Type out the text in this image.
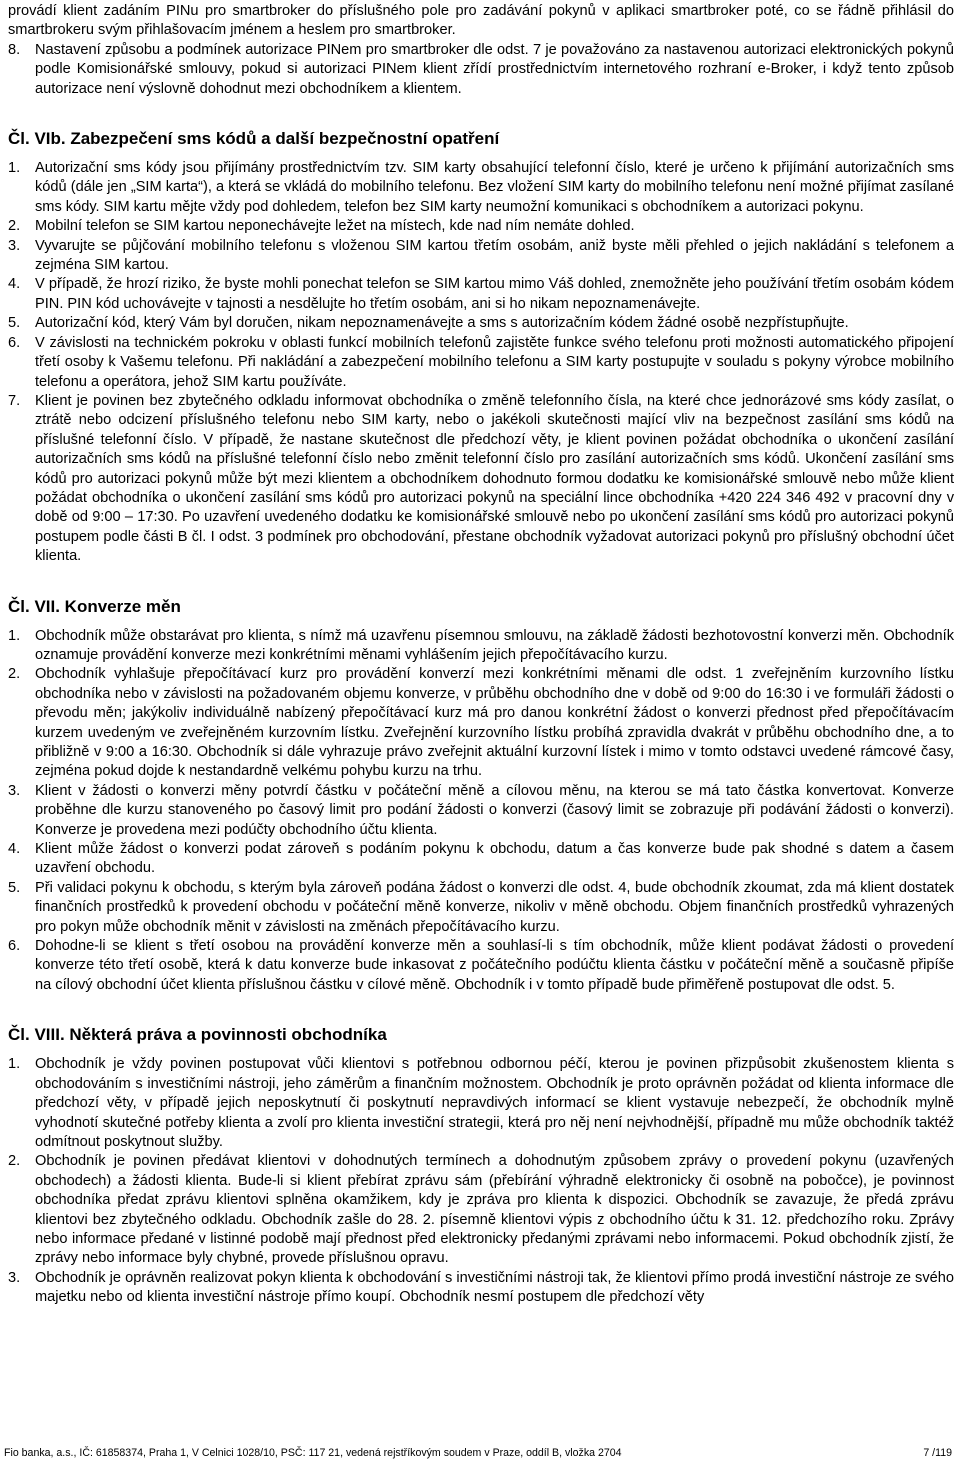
provádí klient zadáním PINu pro smartbroker do příslušného pole pro zadávání pokynů v aplikaci smartbroker poté, co se řádně přihlásil do smartbrokeru svým přihlašovacím jménem a heslem pro smartbroker.
8.	Nastavení způsobu a podmínek autorizace PINem pro smartbroker dle odst. 7 je považováno za nastavenou autorizaci elektronických pokynů podle Komisionářské smlouvy, pokud si autorizaci PINem klient zřídí prostřednictvím internetového rozhraní e-Broker, i když tento způsob autorizace není výslovně dohodnut mezi obchodníkem a klientem.
Čl. VIb. Zabezpečení sms kódů a další bezpečnostní opatření
1.	Autorizační sms kódy jsou přijímány prostřednictvím tzv. SIM karty obsahující telefonní číslo, které je určeno k přijímání autorizačních sms kódů (dále jen „SIM karta“), a která se vkládá do mobilního telefonu. Bez vložení SIM karty do mobilního telefonu není možné přijímat zasílané sms kódy. SIM kartu mějte vždy pod dohledem, telefon bez SIM karty neumožní komunikaci s obchodníkem a autorizaci pokynu.
2.	Mobilní telefon se SIM kartou neponechávejte ležet na místech, kde nad ním nemáte dohled.
3.	Vyvarujte se půjčování mobilního telefonu s vloženou SIM kartou třetím osobám, aniž byste měli přehled o jejich nakládání s telefonem a zejména SIM kartou.
4.	V případě, že hrozí riziko, že byste mohli ponechat telefon se SIM kartou mimo Váš dohled, znemožněte jeho používání třetím osobám kódem PIN. PIN kód uchovávejte v tajnosti a nesdělujte ho třetím osobám, ani si ho nikam nepoznamenávejte.
5.	Autorizační kód, který Vám byl doručen, nikam nepoznamenávejte a sms s autorizačním kódem žádné osobě nezpřístupňujte.
6.	V závislosti na technickém pokroku v oblasti funkcí mobilních telefonů zajistěte funkce svého telefonu proti možnosti automatického připojení třetí osoby k Vašemu telefonu. Při nakládání a zabezpečení mobilního telefonu a SIM karty postupujte v souladu s pokyny výrobce mobilního telefonu a operátora, jehož SIM kartu používáte.
7.	Klient je povinen bez zbytečného odkladu informovat obchodníka o změně telefonního čísla, na které chce jednorázové sms kódy zasílat, o ztrátě nebo odcizení příslušného telefonu nebo SIM karty, nebo o jakékoli skutečnosti mající vliv na bezpečnost zasílání sms kódů na příslušné telefonní číslo. V případě, že nastane skutečnost dle předchozí věty, je klient povinen požádat obchodníka o ukončení zasílání autorizačních sms kódů na příslušné telefonní číslo nebo změnit telefonní číslo pro zasílání autorizačních sms kódů. Ukončení zasílání sms kódů pro autorizaci pokynů může být mezi klientem a obchodníkem dohodnuto formou dodatku ke komisionářské smlouvě nebo může klient požádat obchodníka o ukončení zasílání sms kódů pro autorizaci pokynů na speciální lince obchodníka +420 224 346 492 v pracovní dny v době od 9:00 – 17:30. Po uzavření uvedeného dodatku ke komisionářské smlouvě nebo po ukončení zasílání sms kódů pro autorizaci pokynů postupem podle části B čl. I odst. 3 podmínek pro obchodování, přestane obchodník vyžadovat autorizaci pokynů pro příslušný obchodní účet klienta.
Čl. VII. Konverze měn
1.	Obchodník může obstarávat pro klienta, s nímž má uzavřenu písemnou smlouvu, na základě žádosti bezhotovostní konverzi měn. Obchodník oznamuje provádění konverze mezi konkrétními měnami vyhlášením jejich přepočítávacího kurzu.
2.	Obchodník vyhlašuje přepočítávací kurz pro provádění konverzí mezi konkrétními měnami dle odst. 1 zveřejněním kurzovního lístku obchodníka nebo v závislosti na požadovaném objemu konverze, v průběhu obchodního dne v době od 9:00 do 16:30 i ve formuláři žádosti o převodu měn; jakýkoliv individuálně nabízený přepočítávací kurz má pro danou konkrétní žádost o konverzi přednost před přepočítávacím kurzem uvedeným ve zveřejněném kurzovním lístku. Zveřejnění kurzovního lístku probíhá zpravidla dvakrát v průběhu obchodního dne, a to přibližně v 9:00 a 16:30. Obchodník si dále vyhrazuje právo zveřejnit aktuální kurzovní lístek i mimo v tomto odstavci uvedené rámcové časy, zejména pokud dojde k nestandardně velkému pohybu kurzu na trhu.
3.	Klient v žádosti o konverzi měny potvrdí částku v počáteční měně a cílovou měnu, na kterou se má tato částka konvertovat. Konverze proběhne dle kurzu stanoveného po časový limit pro podání žádosti o konverzi (časový limit se zobrazuje při podávání žádosti o konverzi). Konverze je provedena mezi podúčty obchodního účtu klienta.
4.	Klient může žádost o konverzi podat zároveň s podáním pokynu k obchodu, datum a čas konverze bude pak shodné s datem a časem uzavření obchodu.
5.	Při validaci pokynu k obchodu, s kterým byla zároveň podána žádost o konverzi dle odst. 4, bude obchodník zkoumat, zda má klient dostatek finančních prostředků k provedení obchodu v počáteční měně konverze, nikoliv v měně obchodu. Objem finančních prostředků vyhrazených pro pokyn může obchodník měnit v závislosti na změnách přepočítávacího kurzu.
6.	Dohodne-li se klient s třetí osobou na provádění konverze měn a souhlasí-li s tím obchodník, může klient podávat žádosti o provedení konverze této třetí osobě, která k datu konverze bude inkasovat z počátečního podúčtu klienta částku v počáteční měně a současně připíše na cílový obchodní účet klienta příslušnou částku v cílové měně. Obchodník i v tomto případě bude přiměřeně postupovat dle odst. 5.
Čl. VIII. Některá práva a povinnosti obchodníka
1.	Obchodník je vždy povinen postupovat vůči klientovi s potřebnou odbornou péčí, kterou je povinen přizpůsobit zkušenostem klienta s obchodováním s investičními nástroji, jeho záměrům a finančním možnostem. Obchodník je proto oprávněn požádat od klienta informace dle předchozí věty, v případě jejich neposkytnutí či poskytnutí nepravdivých informací se klient vystavuje nebezpečí, že obchodník mylně vyhodnotí skutečné potřeby klienta a zvolí pro klienta investiční strategii, která pro něj není nejvhodnější, případně mu může obchodník taktéž odmítnout poskytnout služby.
2.	Obchodník je povinen předávat klientovi v dohodnutých termínech a dohodnutým způsobem zprávy o provedení pokynu (uzavřených obchodech) a žádosti klienta. Bude-li si klient přebírat zprávu sám (přebírání výhradně elektronicky či osobně na pobočce), je povinnost obchodníka předat zprávu klientovi splněna okamžikem, kdy je zpráva pro klienta k dispozici. Obchodník se zavazuje, že předá zprávu klientovi bez zbytečného odkladu. Obchodník zašle do 28. 2. písemně klientovi výpis z obchodního účtu k 31. 12. předchozího roku. Zprávy nebo informace předané v listinné podobě mají přednost před elektronicky předanými zprávami nebo informacemi. Pokud obchodník zjistí, že zprávy nebo informace byly chybné, provede příslušnou opravu.
3.	Obchodník je oprávněn realizovat pokyn klienta k obchodování s investičními nástroji tak, že klientovi přímo prodá investiční nástroje ze svého majetku nebo od klienta investiční nástroje přímo koupí. Obchodník nesmí postupem dle předchozí věty
Fio banka, a.s., IČ: 61858374, Praha 1, V Celnici 1028/10, PSČ: 117 21, vedená rejstříkovým soudem v Praze, oddíl B, vložka 2704	7 /119
